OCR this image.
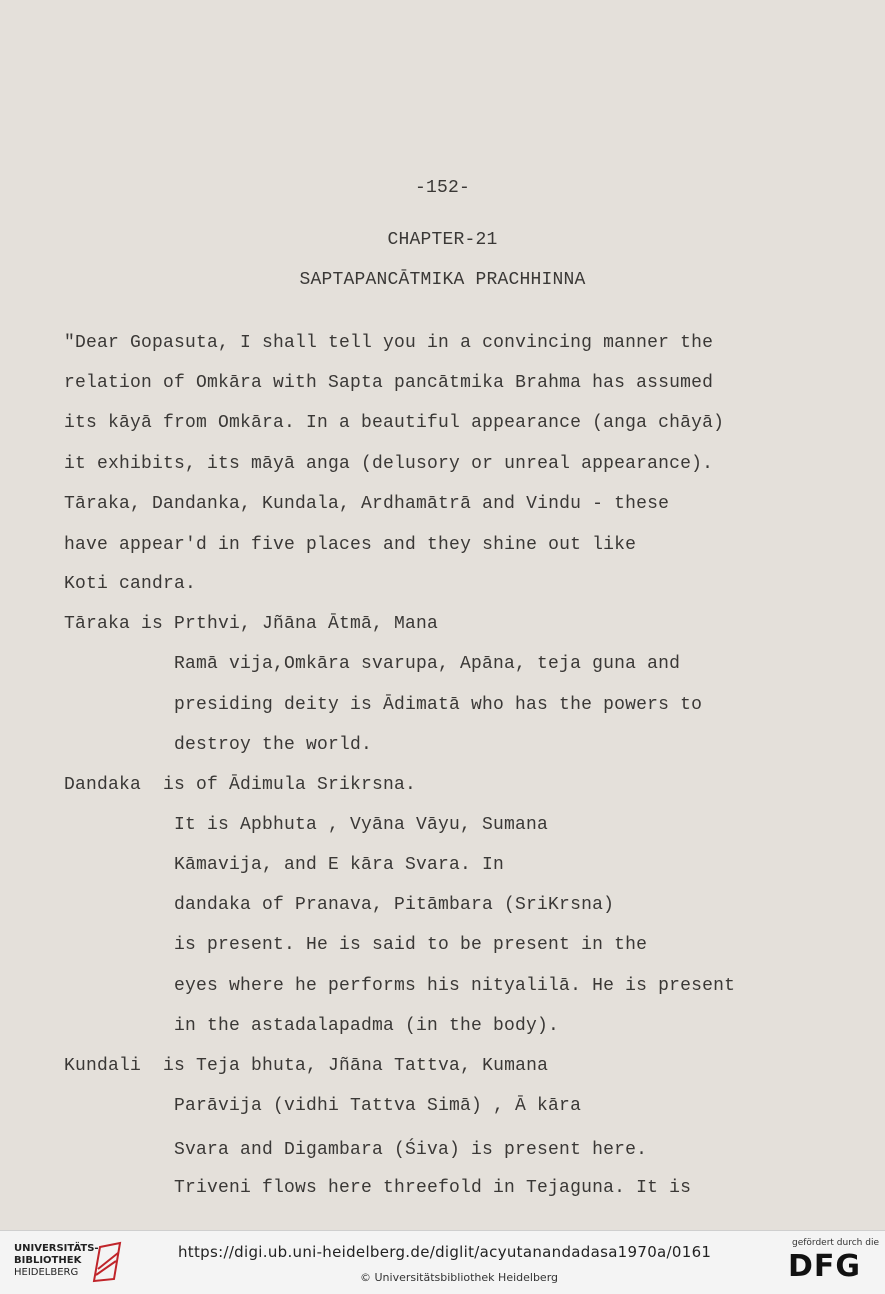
-152-
CHAPTER-21
SAPTAPANCĀTMIKA PRACHHINNA
"Dear Gopasuta, I shall tell you in a convincing manner the
relation of Omkāra with Sapta pancātmika Brahma has assumed
its kāyā from Omkāra. In a beautiful appearance (anga chāyā)
it exhibits, its māyā anga (delusory or unreal appearance).
Tāraka, Dandanka, Kundala, Ardhamātrā and Vindu - these
have appear'd in five places and they shine out like
Koti candra.
Tāraka is Prthvi, Jñāna Ātmā, Mana
Ramā vija,Omkāra svarupa, Apāna, teja guna and
presiding deity is Ādimatā who has the powers to
destroy the world.
Dandaka  is of Ādimula Srikrsna.
It is Apbhuta , Vyāna Vāyu, Sumana
Kāmavija, and E kāra Svara. In
dandaka of Pranava, Pitāmbara (SriKrsna)
is present. He is said to be present in the
eyes where he performs his nityalilā. He is present
in the astadalapadma (in the body).
Kundali  is Teja bhuta, Jñāna Tattva, Kumana
Parāvija (vidhi Tattva Simā) , Ā kāra
Svara and Digambara (Śiva) is present here.
Triveni flows here threefold in Tejaguna. It is
UNIVERSITÄTS-
BIBLIOTHEK
HEIDELBERG
https://digi.ub.uni-heidelberg.de/diglit/acyutanandadasa1970a/0161
© Universitätsbibliothek Heidelberg
gefördert durch die
DFG
